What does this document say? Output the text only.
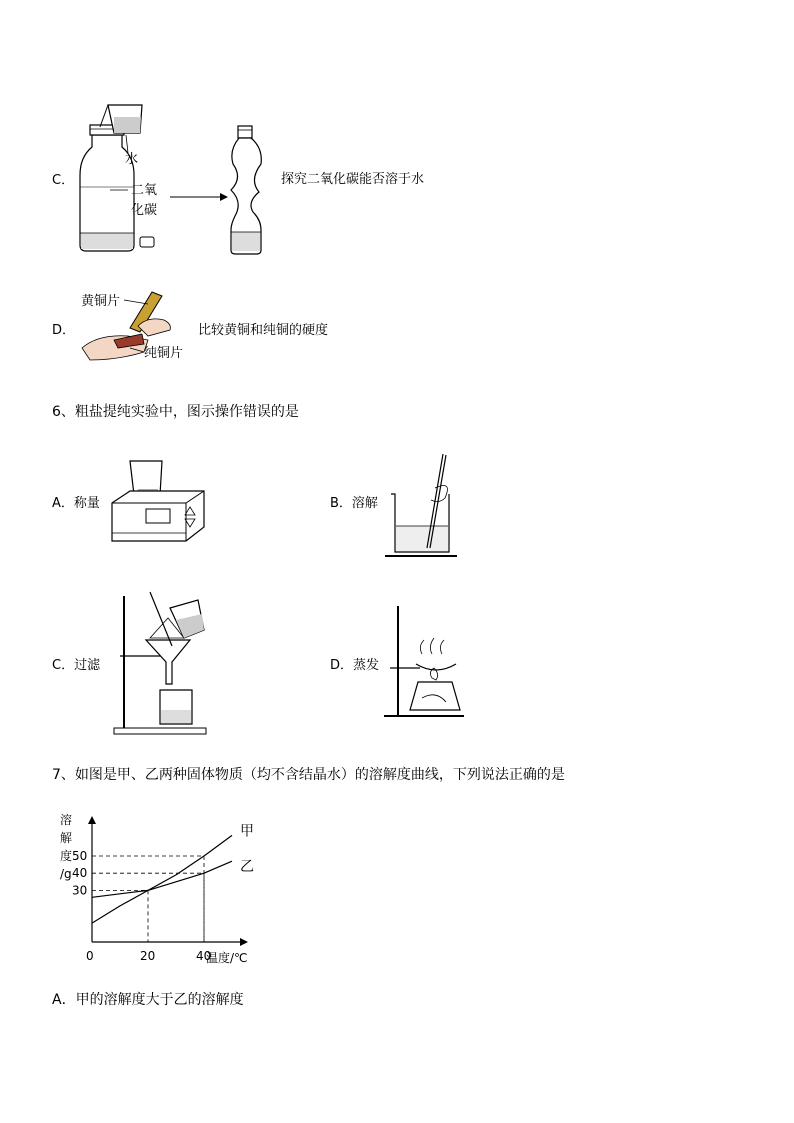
C．
水
二氧
化碳
探究二氧化碳能否溶于水
D．
黄铜片
纯铜片
比较黄铜和纯铜的硬度
6、粗盐提纯实验中，图示操作错误的是
A．称量	B．溶解
C．过滤	D．蒸发
7、如图是甲、乙两种固体物质（均不含结晶水）的溶解度曲线，下列说法正确的是
甲
乙
0	20	40
30
40
50
溶
解
度
/g
温度/℃
A．甲的溶解度大于乙的溶解度
